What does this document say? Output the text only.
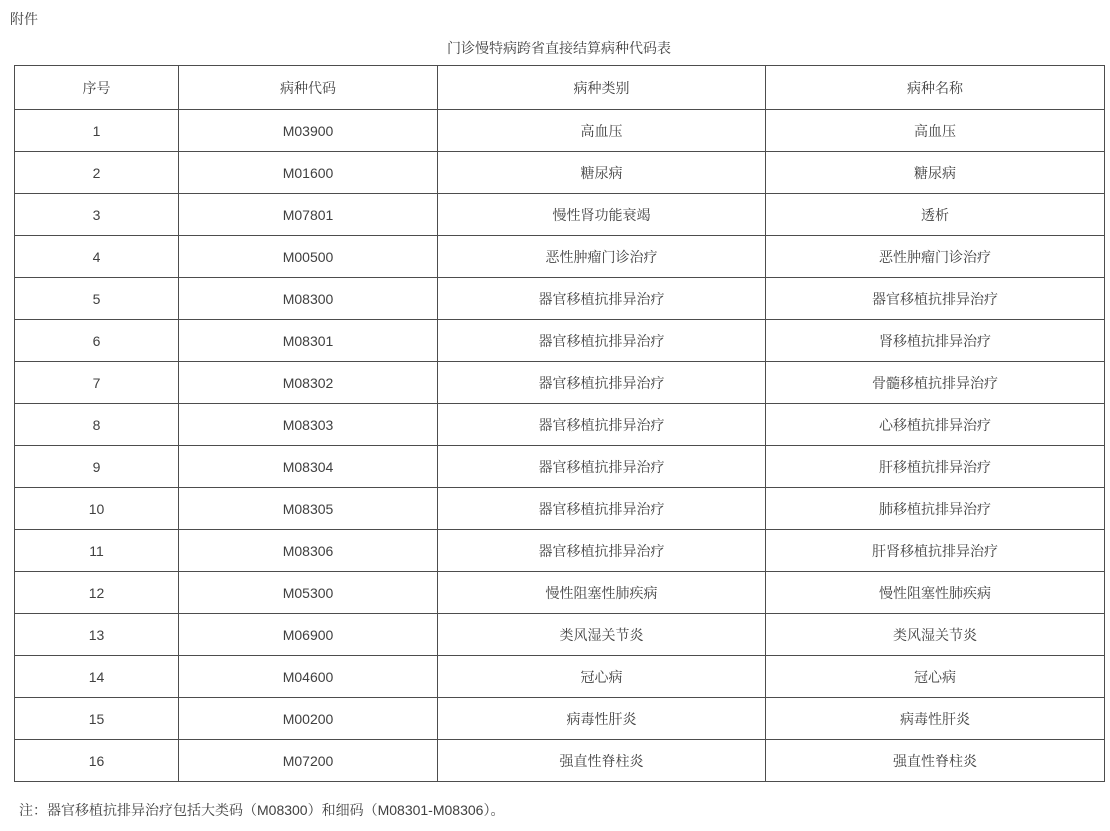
附件
门诊慢特病跨省直接结算病种代码表
序号	病种代码	病种类别	病种名称
1	M03900	高血压	高血压
2	M01600	糖尿病	糖尿病
3	M07801	慢性肾功能衰竭	透析
4	M00500	恶性肿瘤门诊治疗	恶性肿瘤门诊治疗
5	M08300	器官移植抗排异治疗	器官移植抗排异治疗
6	M08301	器官移植抗排异治疗	肾移植抗排异治疗
7	M08302	器官移植抗排异治疗	骨髓移植抗排异治疗
8	M08303	器官移植抗排异治疗	心移植抗排异治疗
9	M08304	器官移植抗排异治疗	肝移植抗排异治疗
10	M08305	器官移植抗排异治疗	肺移植抗排异治疗
11	M08306	器官移植抗排异治疗	肝肾移植抗排异治疗
12	M05300	慢性阻塞性肺疾病	慢性阻塞性肺疾病
13	M06900	类风湿关节炎	类风湿关节炎
14	M04600	冠心病	冠心病
15	M00200	病毒性肝炎	病毒性肝炎
16	M07200	强直性脊柱炎	强直性脊柱炎
注：器官移植抗排异治疗包括大类码（M08300）和细码（M08301-M08306）。
